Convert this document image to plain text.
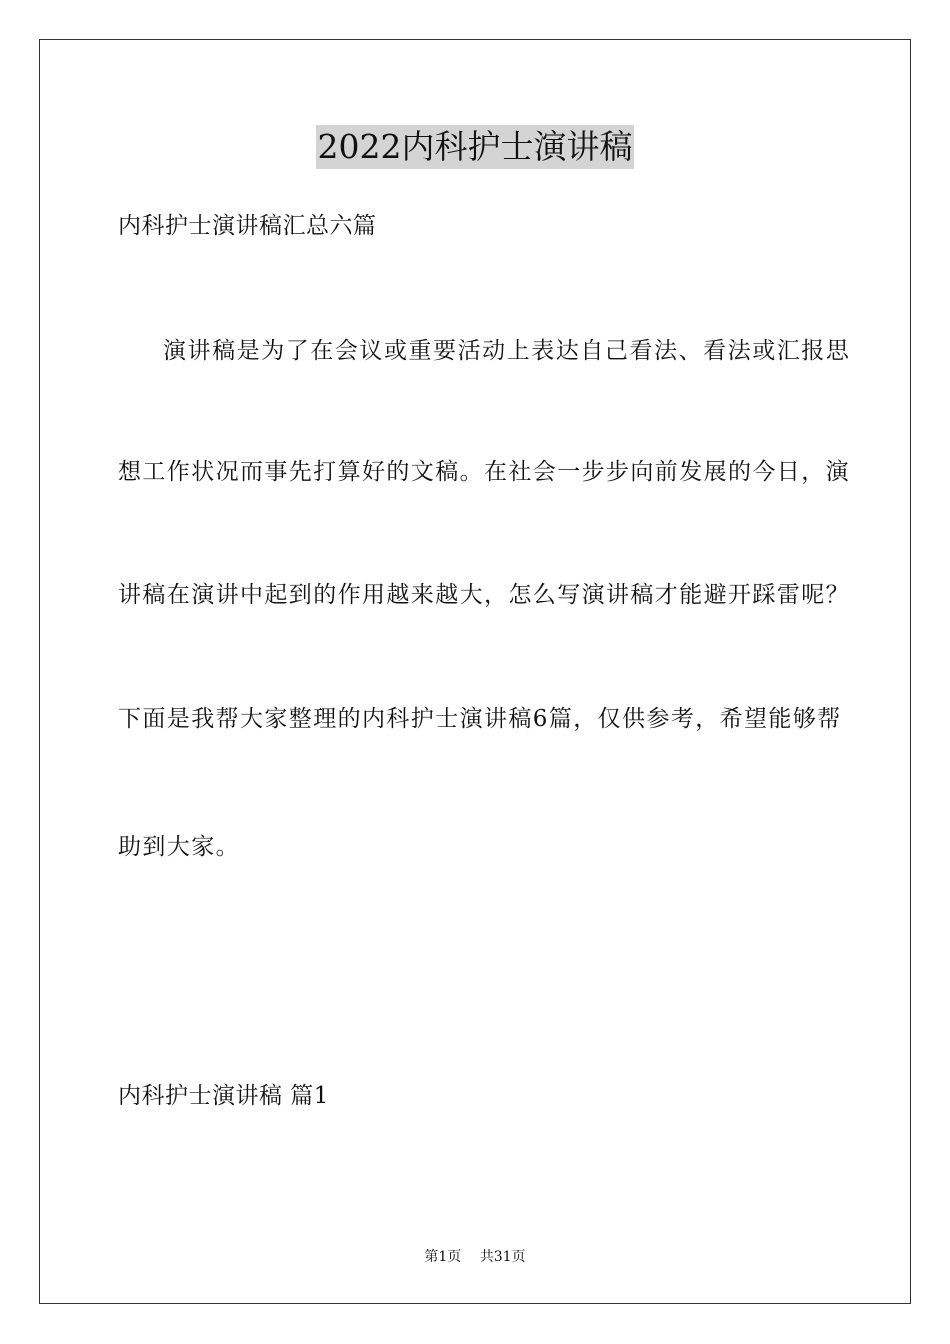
2022内科护士演讲稿
内科护士演讲稿汇总六篇
演讲稿是为了在会议或重要活动上表达自己看法、看法或汇报思
想工作状况而事先打算好的文稿。在社会一步步向前发展的今日，演
讲稿在演讲中起到的作用越来越大，怎么写演讲稿才能避开踩雷呢？
下面是我帮大家整理的内科护士演讲稿6篇，仅供参考，希望能够帮
助到大家。
内科护士演讲稿 篇1
第1页 共31页
